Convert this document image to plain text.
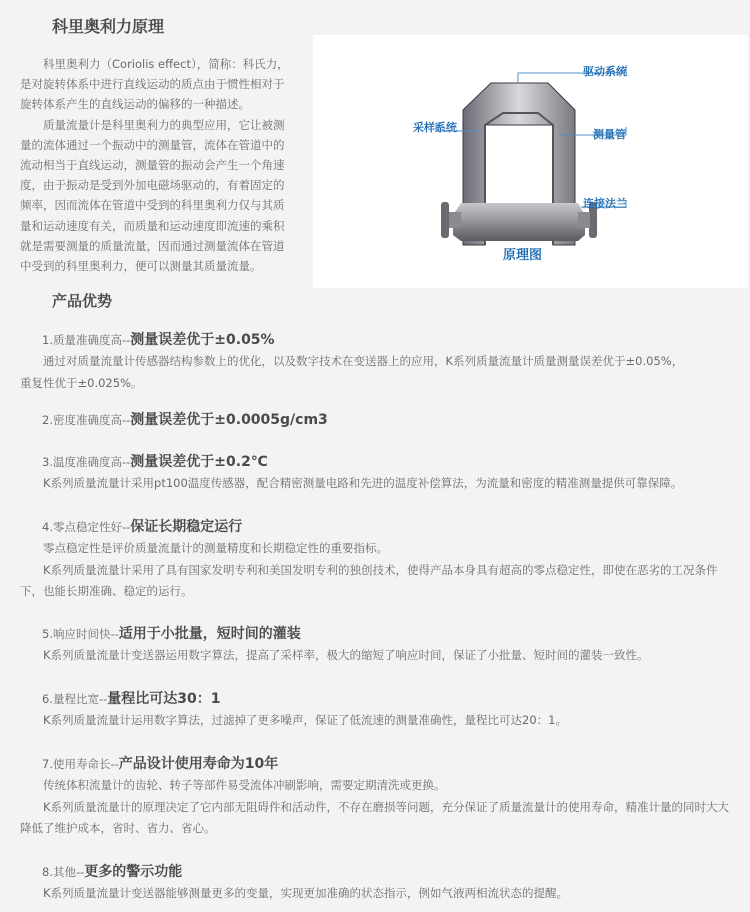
科里奥利力原理

科里奥利力（Coriolis effect），简称：科氏力，是对旋转体系中进行直线运动的质点由于惯性相对于旋转体系产生的直线运动的偏移的一种描述。

质量流量计是科里奥利力的典型应用，它让被测量的流体通过一个振动中的测量管，流体在管道中的流动相当于直线运动，测量管的振动会产生一个角速度，由于振动是受到外加电磁场驱动的，有着固定的频率，因而流体在管道中受到的科里奥利力仅与其质量和运动速度有关，而质量和运动速度即流速的乘积就是需要测量的质量流量，因而通过测量流体在管道中受到的科里奥利力，便可以测量其质量流量。

驱动系统
采样系统
测量管
连接法兰
原理图
产品优势
1.质量准确度高--测量误差优于±0.05%

通过对质量流量计传感器结构参数上的优化，以及数字技术在变送器上的应用，K系列质量流量计质量测量误差优于±0.05%，

重复性优于±0.025%。

2.密度准确度高--测量误差优于±0.0005g/cm3
3.温度准确度高--测量误差优于±0.2℃

K系列质量流量计采用pt100温度传感器，配合精密测量电路和先进的温度补偿算法，为流量和密度的精准测量提供可靠保障。

4.零点稳定性好--保证长期稳定运行

零点稳定性是评价质量流量计的测量精度和长期稳定性的重要指标。

K系列质量流量计采用了具有国家发明专利和美国发明专利的独创技术，使得产品本身具有超高的零点稳定性，即使在恶劣的工况条件下，也能长期准确、稳定的运行。

5.响应时间快--适用于小批量，短时间的灌装

K系列质量流量计变送器运用数字算法，提高了采样率，极大的缩短了响应时间，保证了小批量、短时间的灌装一致性。

6.量程比宽--量程比可达30：1

K系列质量流量计运用数字算法，过滤掉了更多噪声，保证了低流速的测量准确性，量程比可达20：1。

7.使用寿命长--产品设计使用寿命为10年

传统体积流量计的齿轮、转子等部件易受流体冲刷影响，需要定期清洗或更换。

K系列质量流量计的原理决定了它内部无阻碍件和活动件，不存在磨损等问题，充分保证了质量流量计的使用寿命，精准计量的同时大大降低了维护成本，省时、省力、省心。

8.其他--更多的警示功能

K系列质量流量计变送器能够测量更多的变量，实现更加准确的状态指示，例如气液两相流状态的提醒。
